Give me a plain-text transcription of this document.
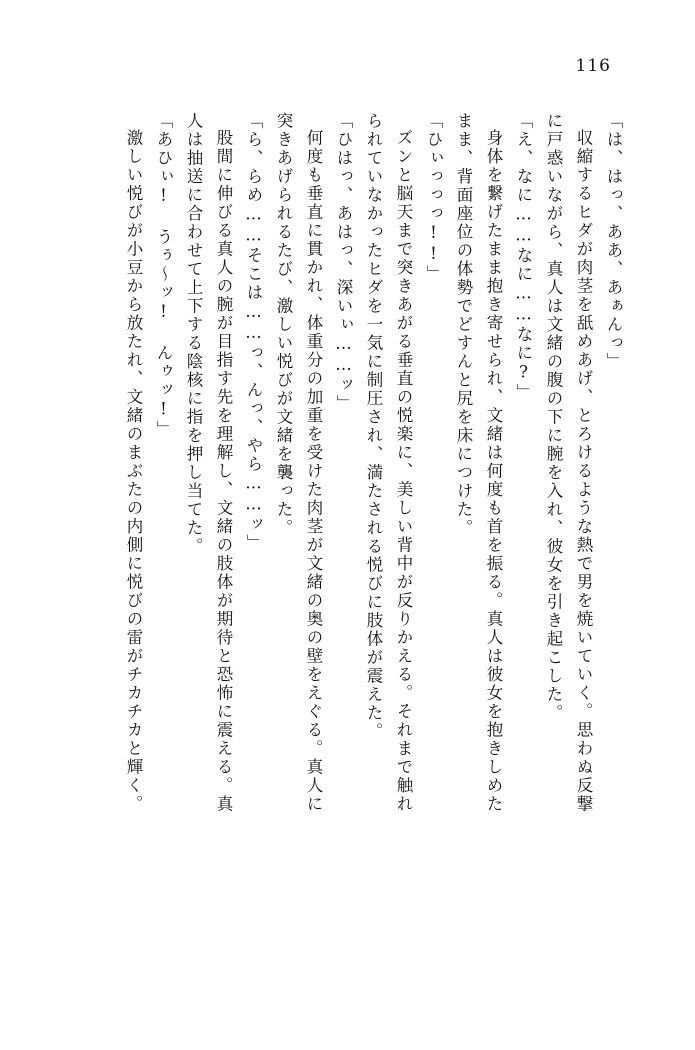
116
「は、はっ、ああ、あぁんっ」
収縮するヒダが肉茎を舐めあげ、とろけるような熱で男を焼いていく。思わぬ反撃
に戸惑いながら、真人は文緒の腹の下に腕を入れ、彼女を引き起こした。
「え、なに……なに……なに?」
身体を繋げたまま抱き寄せられ、文緒は何度も首を振る。真人は彼女を抱きしめた
まま、背面座位の体勢でどすんと尻を床につけた。
「ひぃっっっ!!」
ズンと脳天まで突きあがる垂直の悦楽に、美しい背中が反りかえる。それまで触れ
られていなかったヒダを一気に制圧され、満たされる悦びに肢体が震えた。
「ひはっ、あはっ、深いぃ……ッ」
何度も垂直に貫かれ、体重分の加重を受けた肉茎が文緒の奥の壁をえぐる。真人に
突きあげられるたび、激しい悦びが文緒を襲った。
「ら、らめ……そこは……っ、んっ、やら……ッ」
股間に伸びる真人の腕が目指す先を理解し、文緒の肢体が期待と恐怖に震える。真
人は抽送に合わせて上下する陰核に指を押し当てた。
「あひぃ! うぅ〜ッ! んゥッ!」
激しい悦びが小豆から放たれ、文緒のまぶたの内側に悦びの雷がチカチカと輝く。
